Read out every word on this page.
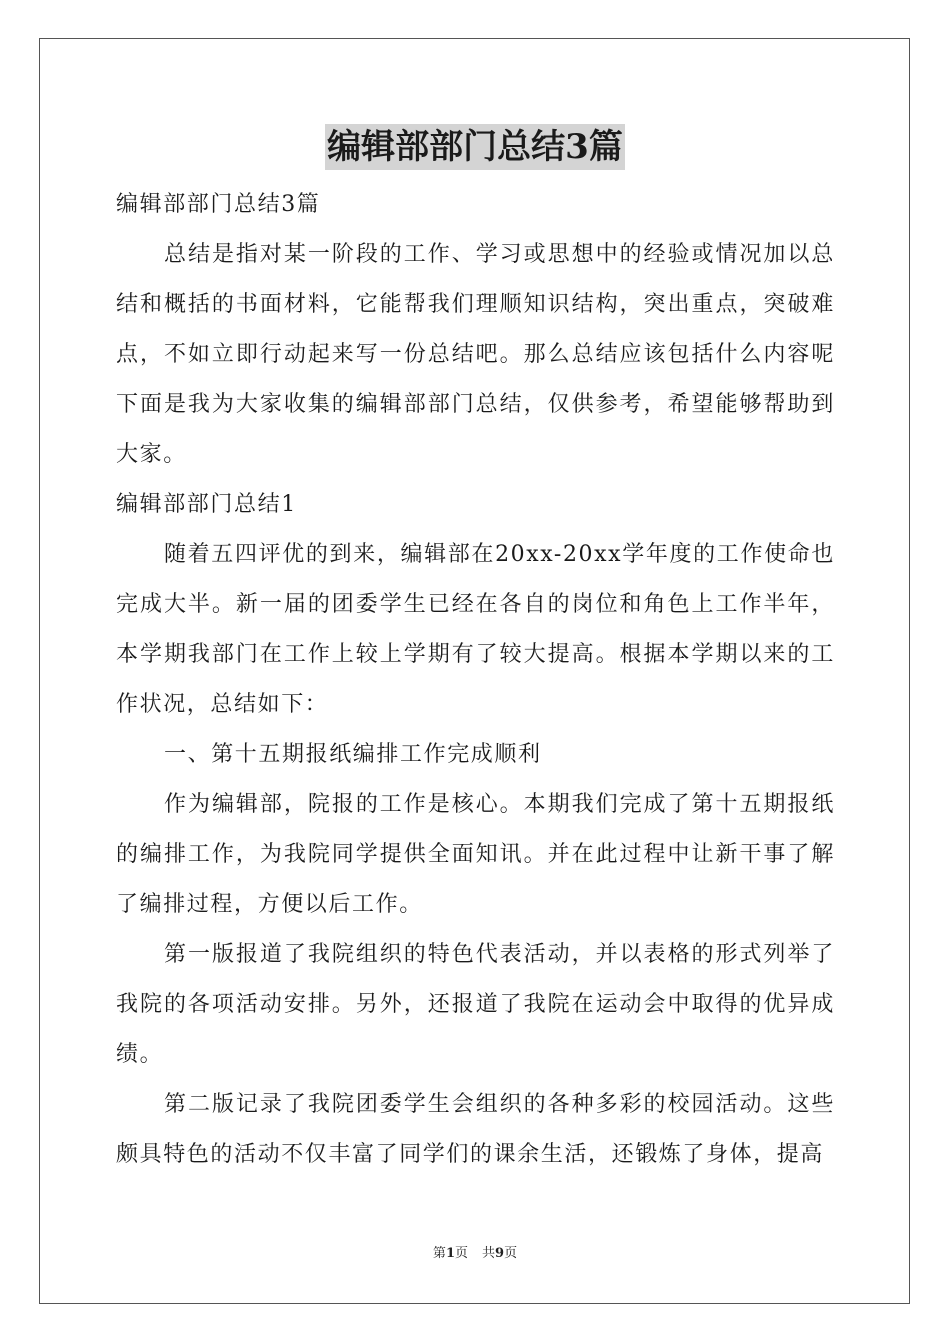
编辑部部门总结3篇

编辑部部门总结3篇

总结是指对某一阶段的工作、学习或思想中的经验或情况加以总结和概括的书面材料，它能帮我们理顺知识结构，突出重点，突破难点，不如立即行动起来写一份总结吧。那么总结应该包括什么内容呢下面是我为大家收集的编辑部部门总结，仅供参考，希望能够帮助到大家。

编辑部部门总结1

随着五四评优的到来，编辑部在20xx-20xx学年度的工作使命也完成大半。新一届的团委学生已经在各自的岗位和角色上工作半年，本学期我部门在工作上较上学期有了较大提高。根据本学期以来的工作状况，总结如下：

一、第十五期报纸编排工作完成顺利

作为编辑部，院报的工作是核心。本期我们完成了第十五期报纸的编排工作，为我院同学提供全面知讯。并在此过程中让新干事了解了编排过程，方便以后工作。

第一版报道了我院组织的特色代表活动，并以表格的形式列举了我院的各项活动安排。另外，还报道了我院在运动会中取得的优异成绩。

第二版记录了我院团委学生会组织的各种多彩的校园活动。这些颇具特色的活动不仅丰富了同学们的课余生活，还锻炼了身体，提高

第1页 共9页
